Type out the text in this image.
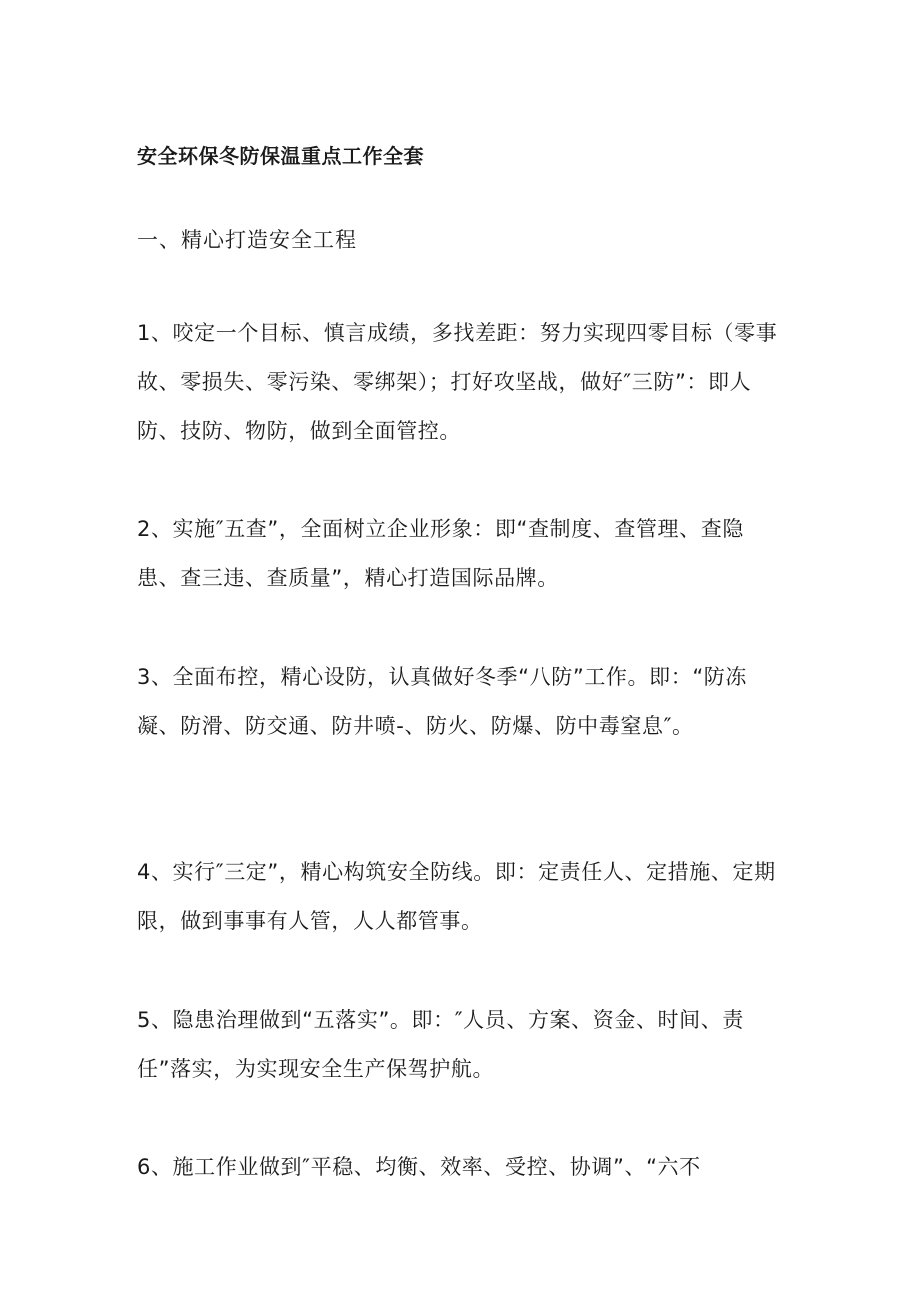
安全环保冬防保温重点工作全套
一、精心打造安全工程
1、咬定一个目标、慎言成绩，多找差距：努力实现四零目标（零事
故、零损失、零污染、零绑架）；打好攻坚战，做好″三防”：即人
防、技防、物防，做到全面管控。
2、实施″五查”，全面树立企业形象：即“查制度、查管理、查隐
患、查三违、查质量”，精心打造国际品牌。
3、全面布控，精心设防，认真做好冬季“八防”工作。即：“防冻
凝、防滑、防交通、防井喷-、防火、防爆、防中毒窒息″。
4、实行″三定”，精心构筑安全防线。即：定责任人、定措施、定期
限，做到事事有人管，人人都管事。
5、隐患治理做到“五落实”。即：″人员、方案、资金、时间、责
任”落实，为实现安全生产保驾护航。
6、施工作业做到″平稳、均衡、效率、受控、协调”、“六不
